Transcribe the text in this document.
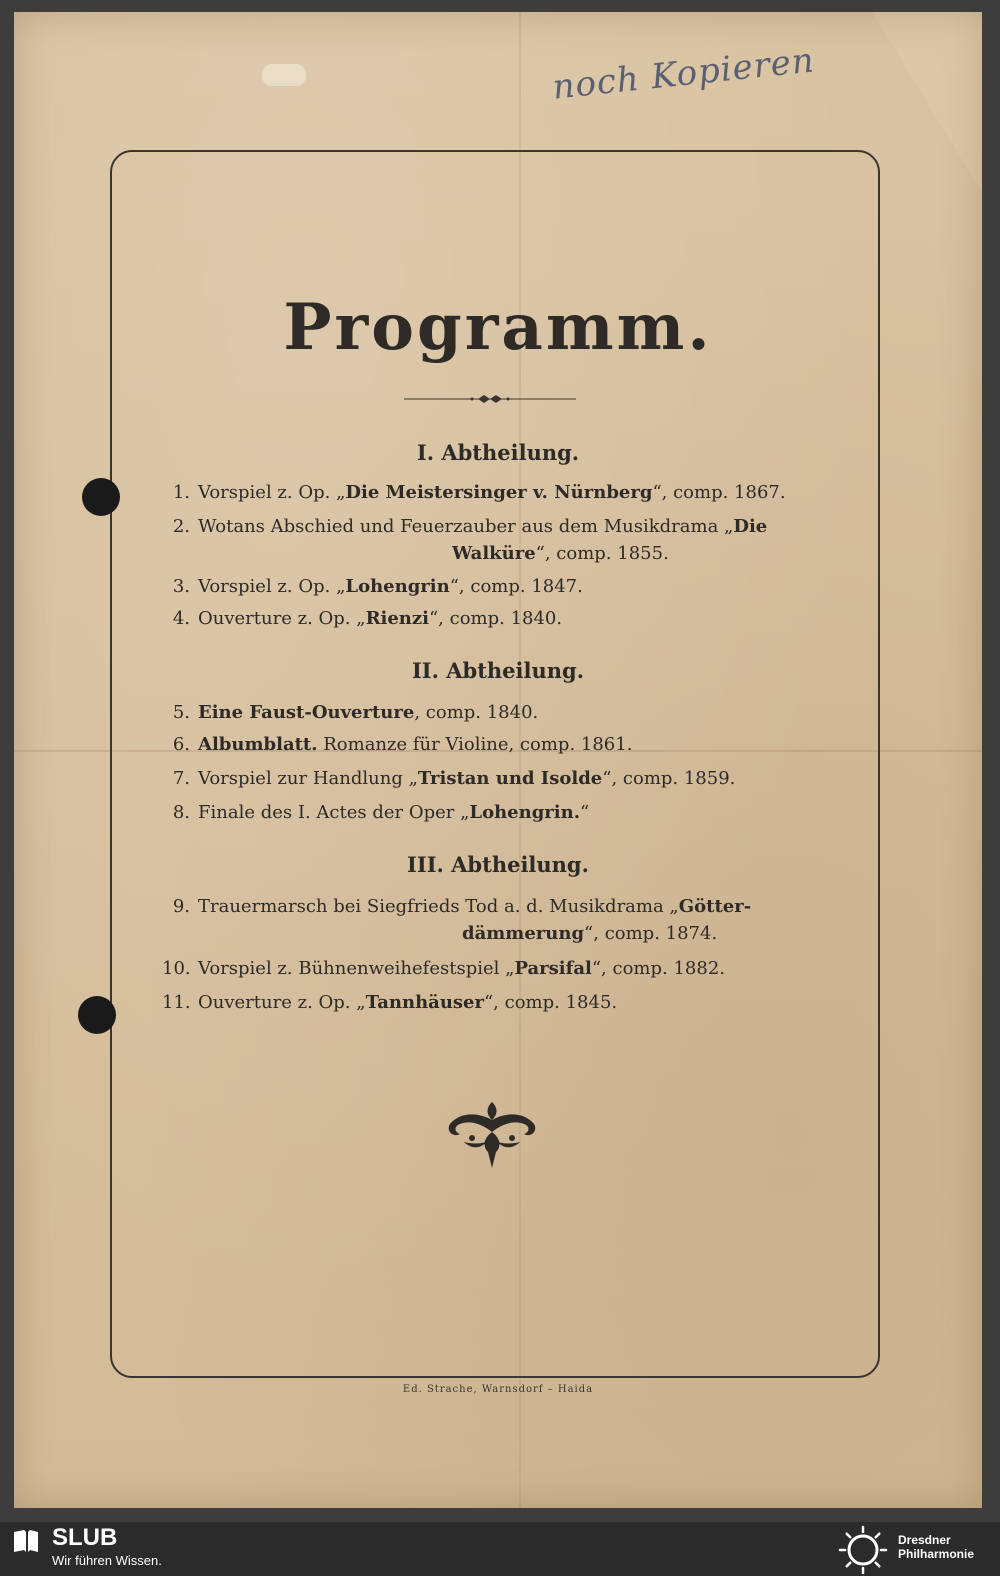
noch Kopieren
Programm.
I. Abtheilung.
1. Vorspiel z. Op. „Die Meistersinger v. Nürnberg“, comp. 1867.
2. Wotans Abschied und Feuerzauber aus dem Musikdrama „Die
Walküre“, comp. 1855.
3. Vorspiel z. Op. „Lohengrin“, comp. 1847.
4. Ouverture z. Op. „Rienzi“, comp. 1840.
II. Abtheilung.
5. Eine Faust-Ouverture, comp. 1840.
6. Albumblatt. Romanze für Violine, comp. 1861.
7. Vorspiel zur Handlung „Tristan und Isolde“, comp. 1859.
8. Finale des I. Actes der Oper „Lohengrin.“
III. Abtheilung.
9. Trauermarsch bei Siegfrieds Tod a. d. Musikdrama „Götter-
dämmerung“, comp. 1874.
10. Vorspiel z. Bühnenweihefestspiel „Parsifal“, comp. 1882.
11. Ouverture z. Op. „Tannhäuser“, comp. 1845.
Ed. Strache, Warnsdorf – Haida
SLUB
Wir führen Wissen.
Dresdner
Philharmonie
